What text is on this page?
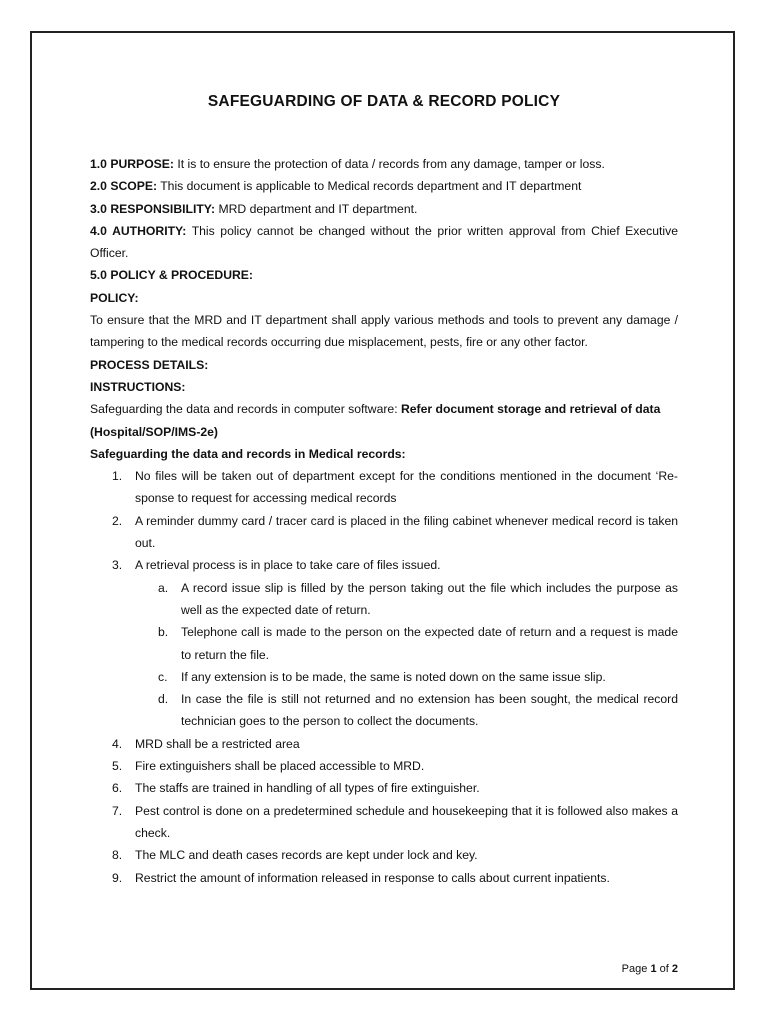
SAFEGUARDING OF DATA & RECORD POLICY

1.0 PURPOSE: It is to ensure the protection of data / records from any damage, tamper or loss.

2.0 SCOPE: This document is applicable to Medical records department and IT department

3.0 RESPONSIBILITY: MRD department and IT department.

4.0 AUTHORITY: This policy cannot be changed without the prior written approval from Chief Executive Officer.

5.0 POLICY & PROCEDURE:

POLICY:

To ensure that the MRD and IT department shall apply various methods and tools to prevent any damage / tampering to the medical records occurring due misplacement, pests, fire or any other factor.

PROCESS DETAILS:

INSTRUCTIONS:

Safeguarding the data and records in computer software: Refer document storage and retrieval of data (Hospital/SOP/IMS-2e)

Safeguarding the data and records in Medical records:

1. No files will be taken out of department except for the conditions mentioned in the document ‘Re-sponse to request for accessing medical records
2. A reminder dummy card / tracer card is placed in the filing cabinet whenever medical record is taken out.
3. A retrieval process is in place to take care of files issued.
a. A record issue slip is filled by the person taking out the file which includes the purpose as well as the expected date of return.
b. Telephone call is made to the person on the expected date of return and a request is made to return the file.
c. If any extension is to be made, the same is noted down on the same issue slip.
d. In case the file is still not returned and no extension has been sought, the medical record technician goes to the person to collect the documents.
4. MRD shall be a restricted area
5. Fire extinguishers shall be placed accessible to MRD.
6. The staffs are trained in handling of all types of fire extinguisher.
7. Pest control is done on a predetermined schedule and housekeeping that it is followed also makes a check.
8. The MLC and death cases records are kept under lock and key.
9. Restrict the amount of information released in response to calls about current inpatients.
Page 1 of 2
